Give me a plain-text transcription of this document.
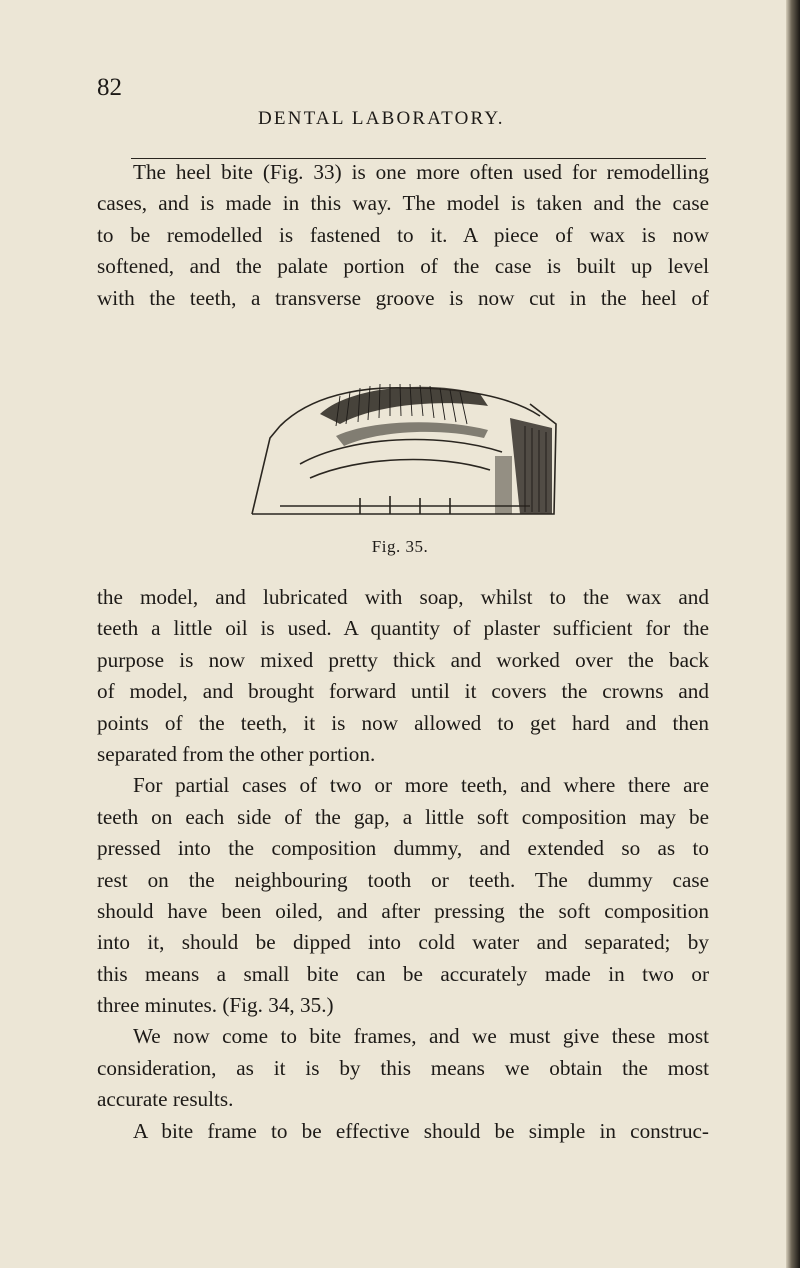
82
DENTAL LABORATORY.
The heel bite (Fig. 33) is one more often used for remodelling
cases, and is made in this way. The model is taken and the case
to be remodelled is fastened to it. A piece of wax is now
softened, and the palate portion of the case is built up level
with the teeth, a transverse groove is now cut in the heel of
Fig. 35.
the model, and lubricated with soap, whilst to the wax and
teeth a little oil is used. A quantity of plaster sufficient for the
purpose is now mixed pretty thick and worked over the back
of model, and brought forward until it covers the crowns and
points of the teeth, it is now allowed to get hard and then
separated from the other portion.
For partial cases of two or more teeth, and where there are
teeth on each side of the gap, a little soft composition may be
pressed into the composition dummy, and extended so as to
rest on the neighbouring tooth or teeth. The dummy case
should have been oiled, and after pressing the soft composition
into it, should be dipped into cold water and separated; by
this means a small bite can be accurately made in two or
three minutes. (Fig. 34, 35.)
We now come to bite frames, and we must give these most
consideration, as it is by this means we obtain the most
accurate results.
A bite frame to be effective should be simple in construc-
